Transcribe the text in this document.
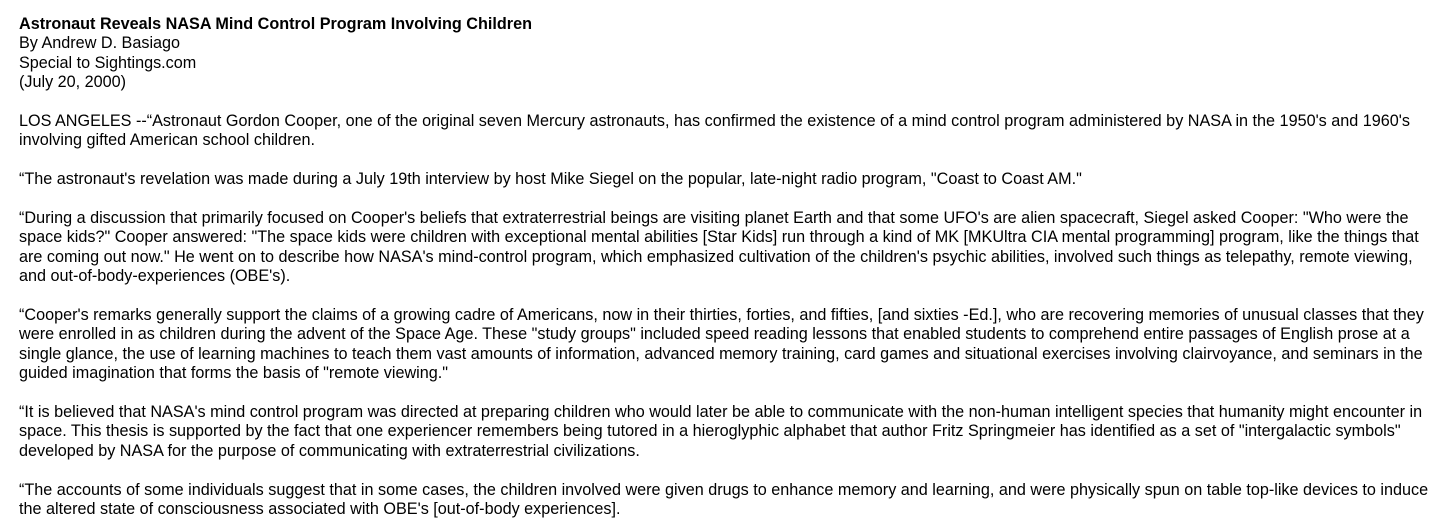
Astronaut Reveals NASA Mind Control Program Involving Children
By Andrew D. Basiago
Special to Sightings.com
(July 20, 2000)

LOS ANGELES --“Astronaut Gordon Cooper, one of the original seven Mercury astronauts, has confirmed the existence of a mind control program administered by NASA in the 1950's and 1960's involving gifted American school children.

“The astronaut's revelation was made during a July 19th interview by host Mike Siegel on the popular, late-night radio program, "Coast to Coast AM."

“During a discussion that primarily focused on Cooper's beliefs that extraterrestrial beings are visiting planet Earth and that some UFO's are alien spacecraft, Siegel asked Cooper: "Who were the space kids?" Cooper answered: "The space kids were children with exceptional mental abilities [Star Kids] run through a kind of MK [MKUltra CIA mental programming] program, like the things that are coming out now." He went on to describe how NASA's mind-control program, which emphasized cultivation of the children's psychic abilities, involved such things as telepathy, remote viewing, and out-of-body-experiences (OBE's).

“Cooper's remarks generally support the claims of a growing cadre of Americans, now in their thirties, forties, and fifties, [and sixties -Ed.], who are recovering memories of unusual classes that they were enrolled in as children during the advent of the Space Age. These "study groups" included speed reading lessons that enabled students to comprehend entire passages of English prose at a single glance, the use of learning machines to teach them vast amounts of information, advanced memory training, card games and situational exercises involving clairvoyance, and seminars in the guided imagination that forms the basis of "remote viewing."

“It is believed that NASA's mind control program was directed at preparing children who would later be able to communicate with the non-human intelligent species that humanity might encounter in space. This thesis is supported by the fact that one experiencer remembers being tutored in a hieroglyphic alphabet that author Fritz Springmeier has identified as a set of "intergalactic symbols" developed by NASA for the purpose of communicating with extraterrestrial civilizations.

“The accounts of some individuals suggest that in some cases, the children involved were given drugs to enhance memory and learning, and were physically spun on table top-like devices to induce the altered state of consciousness associated with OBE's [out-of-body experiences].
